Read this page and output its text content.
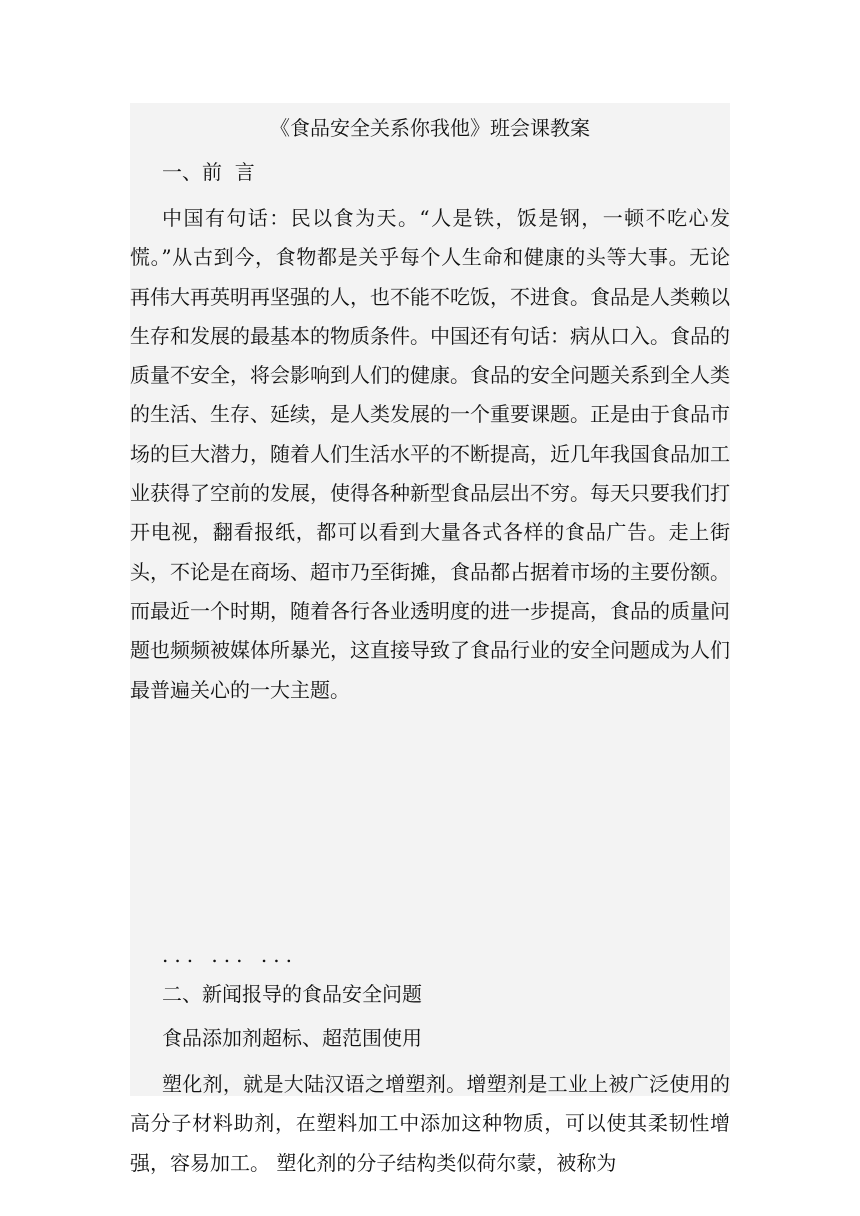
《食品安全关系你我他》班会课教案
一、前  言

中国有句话：民以食为天。“人是铁，饭是钢，一顿不吃心发慌。”从古到今，食物都是关乎每个人生命和健康的头等大事。无论再伟大再英明再坚强的人，也不能不吃饭，不进食。食品是人类赖以生存和发展的最基本的物质条件。中国还有句话：病从口入。食品的质量不安全，将会影响到人们的健康。食品的安全问题关系到全人类的生活、生存、延续，是人类发展的一个重要课题。正是由于食品市场的巨大潜力，随着人们生活水平的不断提高，近几年我国食品加工业获得了空前的发展，使得各种新型食品层出不穷。每天只要我们打开电视，翻看报纸，都可以看到大量各式各样的食品广告。走上街头，不论是在商场、超市乃至街摊，食品都占据着市场的主要份额。而最近一个时期，随着各行各业透明度的进一步提高，食品的质量问题也频频被媒体所暴光，这直接导致了食品行业的安全问题成为人们最普遍关心的一大主题。

... ... ...
二、新闻报导的食品安全问题
食品添加剂超标、超范围使用

塑化剂，就是大陆汉语之增塑剂。增塑剂是工业上被广泛使用的高分子材料助剂，在塑料加工中添加这种物质，可以使其柔韧性增强，容易加工。 塑化剂的分子结构类似荷尔蒙，被称为
